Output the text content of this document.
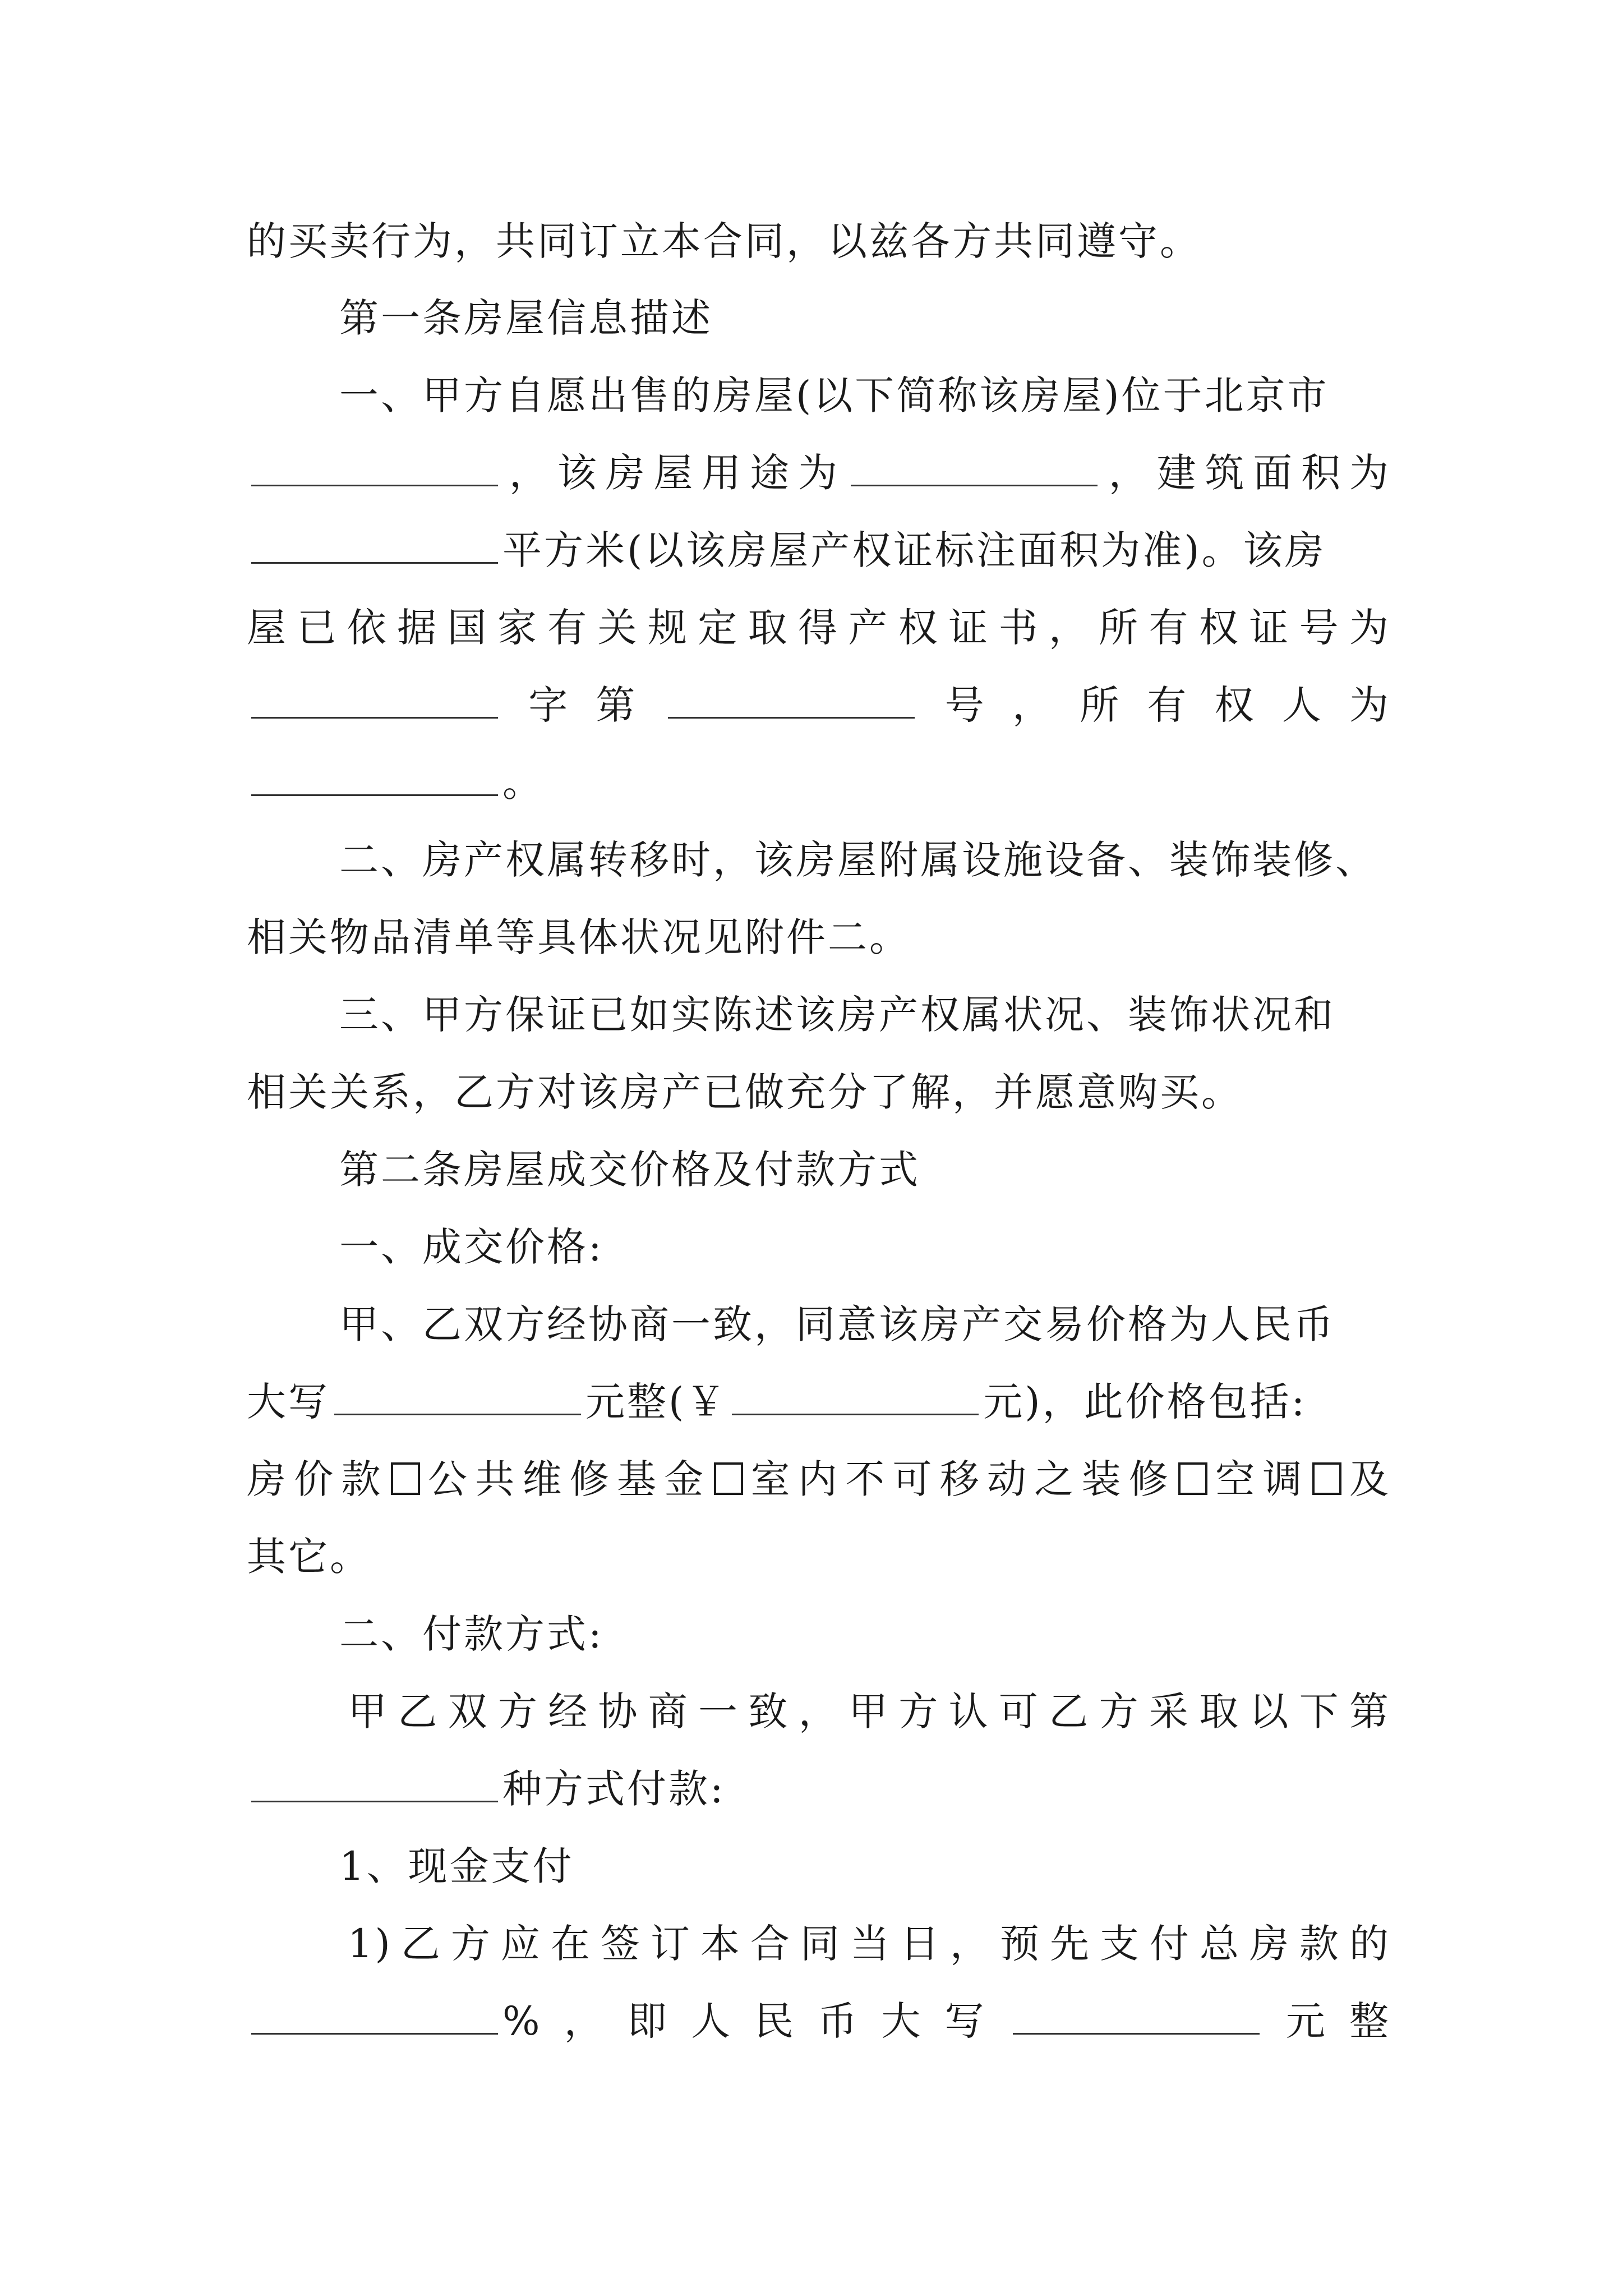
的买卖行为，共同订立本合同，以兹各方共同遵守。
第一条房屋信息描述
一、甲方自愿出售的房屋(以下简称该房屋)位于北京市
，该房屋用途为	，建筑面积为
平方米(以该房屋产权证标注面积为准)。该房
屋已依据国家有关规定取得产权证书，所有权证号为
字第	号，所有权人为
。
二、房产权属转移时，该房屋附属设施设备、装饰装修、
相关物品清单等具体状况见附件二。
三、甲方保证已如实陈述该房产权属状况、装饰状况和
相关关系，乙方对该房产已做充分了解，并愿意购买。
第二条房屋成交价格及付款方式
一、成交价格:
甲、乙双方经协商一致，同意该房产交易价格为人民币
大写	元整(￥	元)，此价格包括:
房价款 公共维修基金 室内不可移动之装修 空调 及
其它。
二、付款方式:
甲乙双方经协商一致，甲方认可乙方采取以下第
种方式付款:
1、现金支付
1)乙方应在签订本合同当日，预先支付总房款的
%，即人民币大写	元整
